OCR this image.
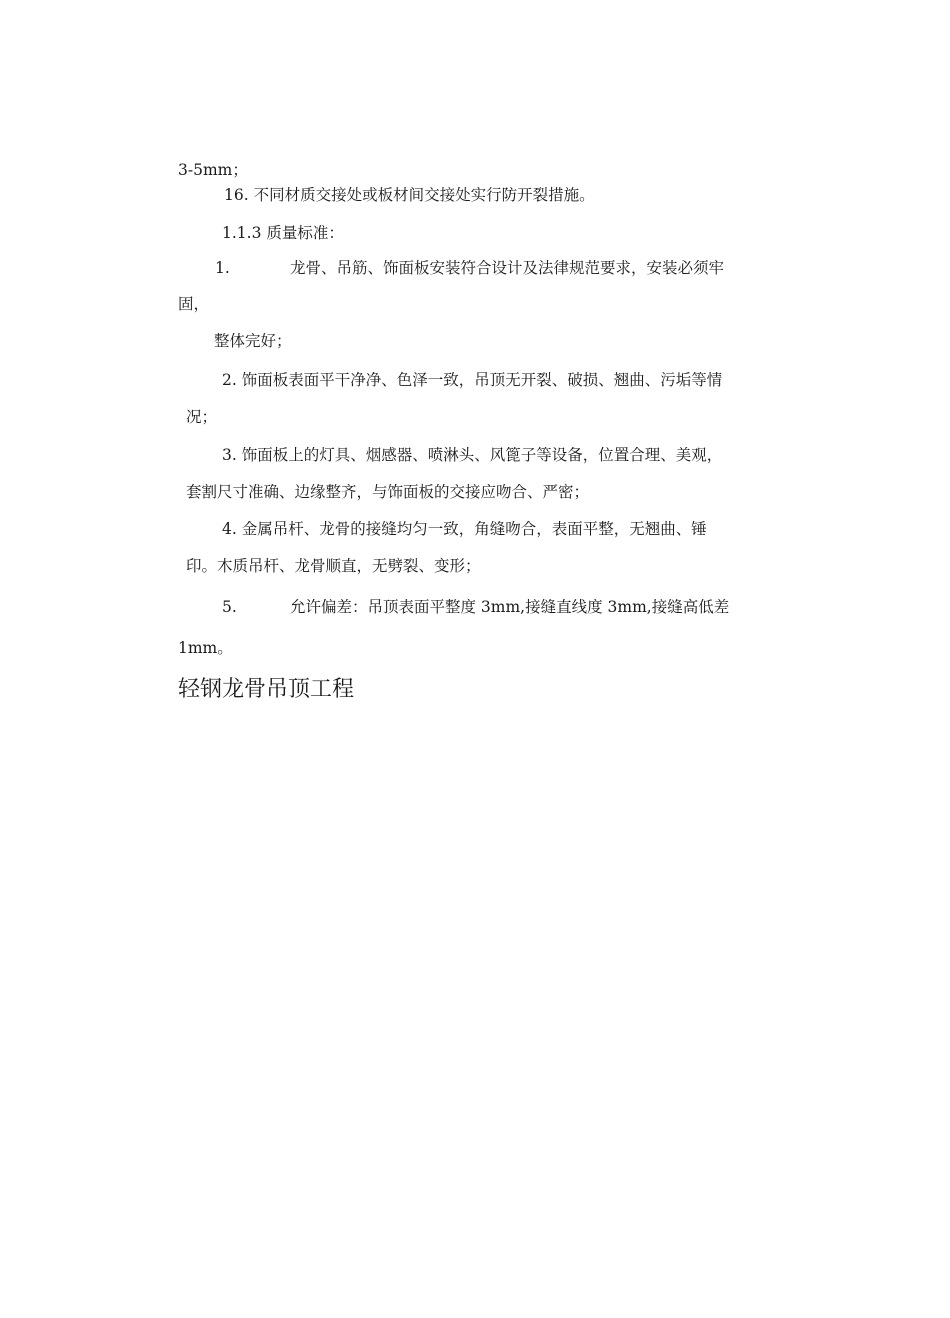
3-5mm；
16. 不同材质交接处或板材间交接处实行防开裂措施。
1.1.3 质量标准：
1.	龙骨、吊筋、饰面板安装符合设计及法律规范要求，安装必须牢
固，
整体完好；
2. 饰面板表面平干净净、色泽一致，吊顶无开裂、破损、翘曲、污垢等情
况；
3. 饰面板上的灯具、烟感器、喷淋头、风篦子等设备，位置合理、美观，
套割尺寸准确、边缘整齐，与饰面板的交接应吻合、严密；
4. 金属吊杆、龙骨的接缝均匀一致，角缝吻合，表面平整，无翘曲、锤
印。木质吊杆、龙骨顺直，无劈裂、变形；
5.	允许偏差：吊顶表面平整度 3mm,接缝直线度 3mm,接缝高低差
1mm。
轻钢龙骨吊顶工程
